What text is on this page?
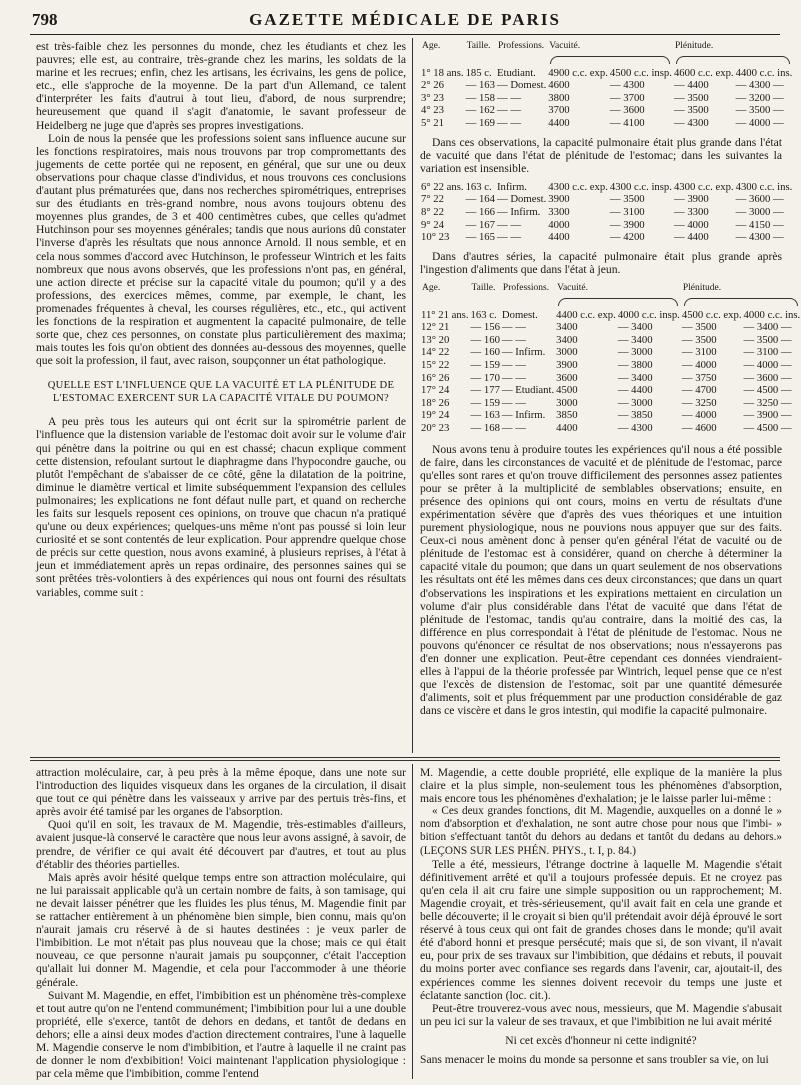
798	GAZETTE MÉDICALE DE PARIS

est très-faible chez les personnes du monde, chez les étudiants et chez les pauvres; elle est, au contraire, très-grande chez les marins, les soldats de la marine et les recrues; enfin, chez les artisans, les écrivains, les gens de police, etc., elle s'approche de la moyenne. De la part d'un Allemand, ce talent d'interpréter les faits d'autrui à tout lieu, d'abord, de nous surprendre; heureusement que quand il s'agit d'anatomie, le savant professeur de Heidelberg ne juge que d'après ses propres investigations.

Loin de nous la pensée que les professions soient sans influence aucune sur les fonctions respiratoires, mais nous trouvons par trop compromettants des jugements de cette portée qui ne reposent, en général, que sur une ou deux observations pour chaque classe d'individus, et nous trouvons ces conclusions d'autant plus prématurées que, dans nos recherches spirométriques, entreprises sur des étudiants en très-grand nombre, nous avons toujours obtenu des moyennes plus grandes, de 3 et 400 centimètres cubes, que celles qu'admet Hutchinson pour ses moyennes générales; tandis que nous aurions dû constater l'inverse d'après les résultats que nous annonce Arnold. Il nous semble, et en cela nous sommes d'accord avec Hutchinson, le professeur Wintrich et les faits nombreux que nous avons observés, que les professions n'ont pas, en général, une action directe et précise sur la capacité vitale du poumon; qu'il y a des professions, des exercices mêmes, comme, par exemple, le chant, les promenades fréquentes à cheval, les courses régulières, etc., etc., qui activent les fonctions de la respiration et augmentent la capacité pulmonaire, de telle sorte que, chez ces personnes, on constate plus particulièrement des maxima; mais toutes les fois qu'on obtient des données au-dessous des moyennes, quelle que soit la profession, il faut, avec raison, soupçonner un état pathologique.

QUELLE EST L'INFLUENCE QUE LA VACUITÉ ET LA PLÉNITUDE DE L'ESTOMAC EXERCENT SUR LA CAPACITÉ VITALE DU POUMON?

A peu près tous les auteurs qui ont écrit sur la spirométrie parlent de l'influence que la distension variable de l'estomac doit avoir sur le volume d'air qui pénètre dans la poitrine ou qui en est chassé; chacun explique comment cette distension, refoulant surtout le diaphragme dans l'hypocondre gauche, ou plutôt l'empêchant de s'abaisser de ce côté, gêne la dilatation de la poitrine, diminue le diamètre vertical et limite subséquemment l'expansion des cellules pulmonaires; les explications ne font défaut nulle part, et quand on recherche les faits sur lesquels reposent ces opinions, on trouve que chacun n'a pratiqué qu'une ou deux expériences; quelques-uns même n'ont pas poussé si loin leur curiosité et se sont contentés de leur explication. Pour apprendre quelque chose de précis sur cette question, nous avons examiné, à plusieurs reprises, à l'état à jeun et immédiatement après un repas ordinaire, des personnes saines qui se sont prêtées très-volontiers à des expériences qui nous ont fourni des résultats variables, comme suit :

Age.	Taille.	Professions.	Vacuité.		Plénitude.	

1° 18 ans.	185 c.	Etudiant.	4900 c.c. exp.	4500 c.c. insp.	4600 c.c. exp.	4400 c.c. ins.
2° 26	— 163	— Domest.	4600	— 4300	— 4400	— 4300 —
3° 23	— 158	— —	3800	— 3700	— 3500	— 3200 —
4° 23	— 162	— —	3700	— 3600	— 3500	— 3500 —
5° 21	— 169	— —	4400	— 4100	— 4300	— 4000 —

Dans ces observations, la capacité pulmonaire était plus grande dans l'état de vacuité que dans l'état de plénitude de l'estomac; dans les suivantes la variation est insensible.

6° 22 ans.	163 c.	Infirm.	4300 c.c. exp.	4300 c.c. insp.	4300 c.c. exp.	4300 c.c. ins.
7° 22	— 164	— Domest.	3900	— 3500	— 3900	— 3600 —
8° 22	— 166	— Infirm.	3300	— 3100	— 3300	— 3000 —
9° 24	— 167	— —	4000	— 3900	— 4000	— 4150 —
10° 23	— 165	— —	4400	— 4200	— 4400	— 4300 —

Dans d'autres séries, la capacité pulmonaire était plus grande après l'ingestion d'aliments que dans l'état à jeun.

Age.	Taille.	Professions.	Vacuité.		Plénitude.	

11° 21 ans.	163 c.	Domest.	4400 c.c. exp.	4000 c.c. insp.	4500 c.c. exp.	4000 c.c. ins.
12° 21	— 156	— —	3400	— 3400	— 3500	— 3400 —
13° 20	— 160	— —	3400	— 3400	— 3500	— 3500 —
14° 22	— 160	— Infirm.	3000	— 3000	— 3100	— 3100 —
15° 22	— 159	— —	3900	— 3800	— 4000	— 4000 —
16° 26	— 170	— —	3600	— 3400	— 3750	— 3600 —
17° 24	— 177	— Etudiant.	4500	— 4400	— 4700	— 4500 —
18° 26	— 159	— —	3000	— 3000	— 3250	— 3250 —
19° 24	— 163	— Infirm.	3850	— 3850	— 4000	— 3900 —
20° 23	— 168	— —	4400	— 4300	— 4600	— 4500 —

Nous avons tenu à produire toutes les expériences qu'il nous a été possible de faire, dans les circonstances de vacuité et de plénitude de l'estomac, parce qu'elles sont rares et qu'on trouve difficilement des personnes assez patientes pour se prêter à la multiplicité de semblables observations; ensuite, en présence des opinions qui ont cours, moins en vertu de résultats d'une expérimentation sévère que d'après des vues théoriques et une intuition purement physiologique, nous ne pouvions nous appuyer que sur des faits. Ceux-ci nous amènent donc à penser qu'en général l'état de vacuité ou de plénitude de l'estomac est à considérer, quand on cherche à déterminer la capacité vitale du poumon; que dans un quart seulement de nos observations les résultats ont été les mêmes dans ces deux circonstances; que dans un quart d'observations les inspirations et les expirations mettaient en circulation un volume d'air plus considérable dans l'état de vacuité que dans l'état de plénitude de l'estomac, tandis qu'au contraire, dans la moitié des cas, la différence en plus correspondait à l'état de plénitude de l'estomac. Nous ne pouvons qu'énoncer ce résultat de nos observations; nous n'essayerons pas d'en donner une explication. Peut-être cependant ces données viendraient-elles à l'appui de la théorie professée par Wintrich, lequel pense que ce n'est que l'excès de distension de l'estomac, soit par une quantité démesurée d'aliments, soit et plus fréquemment par une production considérable de gaz dans ce viscère et dans le gros intestin, qui modifie la capacité pulmonaire.

attraction moléculaire, car, à peu près à la même époque, dans une note sur l'introduction des liquides visqueux dans les organes de la circulation, il disait que tout ce qui pénètre dans les vaisseaux y arrive par des pertuis très-fins, et après avoir été tamisé par les organes de l'absorption.

Quoi qu'il en soit, les travaux de M. Magendie, très-estimables d'ailleurs, avaient jusque-là conservé le caractère que nous leur avons assigné, à savoir, de prendre, de vérifier ce qui avait été découvert par d'autres, et tout au plus d'établir des théories partielles.

Mais après avoir hésité quelque temps entre son attraction moléculaire, qui ne lui paraissait applicable qu'à un certain nombre de faits, à son tamisage, qui ne devait laisser pénétrer que les fluides les plus ténus, M. Magendie finit par se rattacher entièrement à un phénomène bien simple, bien connu, mais qu'on n'aurait jamais cru réservé à de si hautes destinées : je veux parler de l'imbibition. Le mot n'était pas plus nouveau que la chose; mais ce qui était nouveau, ce que personne n'aurait jamais pu soupçonner, c'était l'acception qu'allait lui donner M. Magendie, et cela pour l'accommoder à une théorie générale.

Suivant M. Magendie, en effet, l'imbibition est un phénomène très-complexe et tout autre qu'on ne l'entend communément; l'imbibition pour lui a une double propriété, elle s'exerce, tantôt de dehors en dedans, et tantôt de dedans en dehors; elle a ainsi deux modes d'action directement contraires, l'une à laquelle M. Magendie conserve le nom d'imbibition, et l'autre à laquelle il ne craint pas de donner le nom d'exbibition! Voici maintenant l'application physiologique : par cela même que l'imbibition, comme l'entend

M. Magendie, a cette double propriété, elle explique de la manière la plus claire et la plus simple, non-seulement tous les phénomènes d'absorption, mais encore tous les phénomènes d'exhalation; je le laisse parler lui-même :

« Ces deux grandes fonctions, dit M. Magendie, auxquelles on a donné le » nom d'absorption et d'exhalation, ne sont autre chose pour nous que l'imbi- » bition s'effectuant tantôt du dehors au dedans et tantôt du dedans au dehors.» (LEÇONS SUR LES PHÉN. PHYS., t. I, p. 84.)

Telle a été, messieurs, l'étrange doctrine à laquelle M. Magendie s'était définitivement arrêté et qu'il a toujours professée depuis. Et ne croyez pas qu'en cela il ait cru faire une simple supposition ou un rapprochement; M. Magendie croyait, et très-sérieusement, qu'il avait fait en cela une grande et belle découverte; il le croyait si bien qu'il prétendait avoir déjà éprouvé le sort réservé à tous ceux qui ont fait de grandes choses dans le monde; qu'il avait été d'abord honni et presque persécuté; mais que si, de son vivant, il n'avait eu, pour prix de ses travaux sur l'imbibition, que dédains et rebuts, il pouvait du moins porter avec confiance ses regards dans l'avenir, car, ajoutait-il, des expériences comme les siennes doivent recevoir du temps une juste et éclatante sanction (loc. cit.).

Peut-être trouverez-vous avec nous, messieurs, que M. Magendie s'abusait un peu ici sur la valeur de ses travaux, et que l'imbibition ne lui avait mérité

Ni cet excès d'honneur ni cette indignité?

Sans menacer le moins du monde sa personne et sans troubler sa vie, on lui
